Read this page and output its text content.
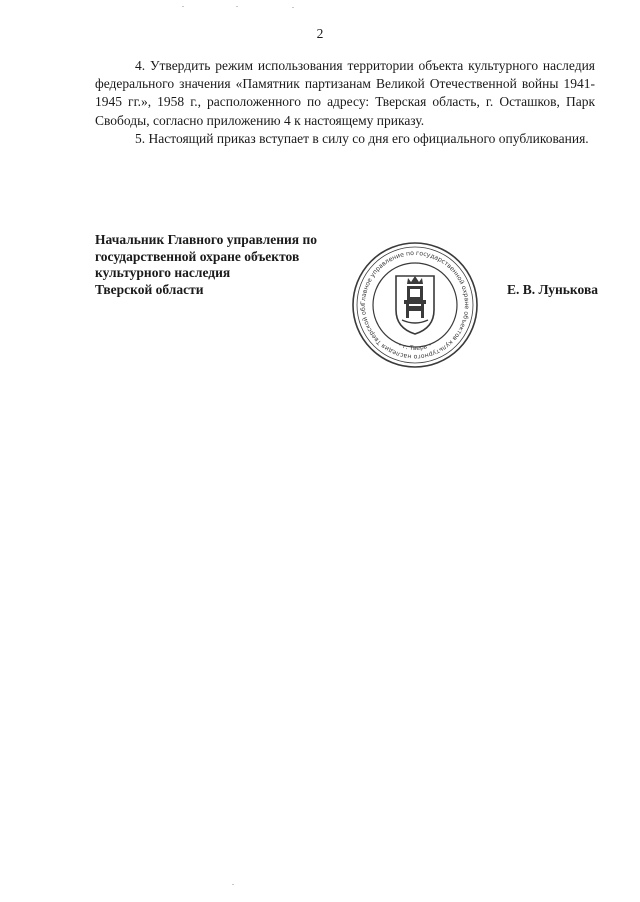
2

4. Утвердить режим использования территории объекта культурного наследия федерального значения «Памятник партизанам Великой Отечественной войны 1941-1945 гг.», 1958 г., расположенного по адресу: Тверская область, г. Осташков, Парк Свободы, согласно приложению 4 к настоящему приказу.

5. Настоящий приказ вступает в силу со дня его официального опубликования.

Начальник Главного управления по
государственной охране объектов
культурного наследия
Тверской области
Главное управление по государственной охране объектов культурного наследия Тверской обл
• г. Тверь •
Е. В. Лунькова
